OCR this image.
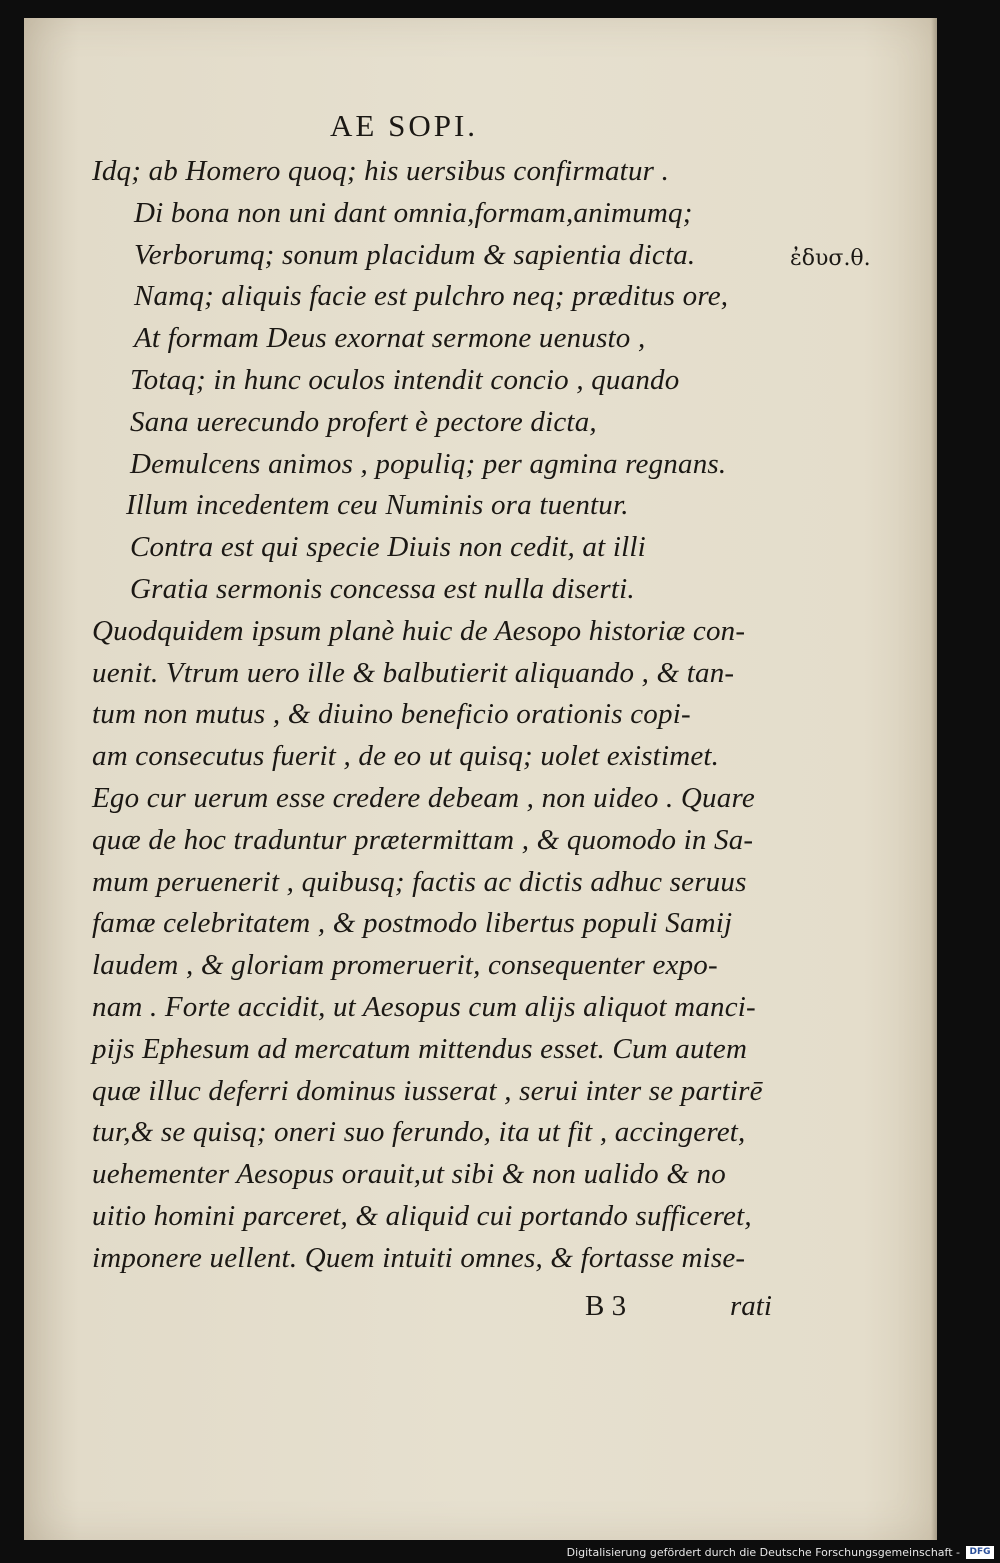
AE SOPI.
ἐδυσ.θ.
Idq; ab Homero quoq; his uersibus confirmatur .
Di bona non uni dant omnia,formam,animumq;
Verborumq; sonum placidum & sapientia dicta.
Namq; aliquis facie est pulchro neq; præditus ore,
At formam Deus exornat sermone uenusto ,
Totaq; in hunc oculos intendit concio , quando
Sana uerecundo profert è pectore dicta,
Demulcens animos , populiq; per agmina regnans.
Illum incedentem ceu Numinis ora tuentur.
Contra est qui specie Diuis non cedit, at illi
Gratia sermonis concessa est nulla diserti.
Quodquidem ipsum planè huic de Aesopo historiæ con-
uenit. Vtrum uero ille & balbutierit aliquando , & tan-
tum non mutus , & diuino beneficio orationis copi-
am consecutus fuerit , de eo ut quisq; uolet existimet.
Ego cur uerum esse credere debeam , non uideo . Quare
quæ de hoc traduntur prætermittam , & quomodo in Sa-
mum peruenerit , quibusq; factis ac dictis adhuc seruus
famæ celebritatem , & postmodo libertus populi Samij
laudem , & gloriam promeruerit, consequenter expo-
nam . Forte accidit, ut Aesopus cum alijs aliquot manci-
pijs Ephesum ad mercatum mittendus esset. Cum autem
quæ illuc deferri dominus iusserat , serui inter se partirē
tur,& se quisq; oneri suo ferundo, ita ut fit , accingeret,
uehementer Aesopus orauit,ut sibi & non ualido & no
uitio homini parceret, & aliquid cui portando sufficeret,
imponere uellent. Quem intuiti omnes, & fortasse mise-
B 3	rati
Digitalisierung gefördert durch die Deutsche Forschungsgemeinschaft -	DFG
